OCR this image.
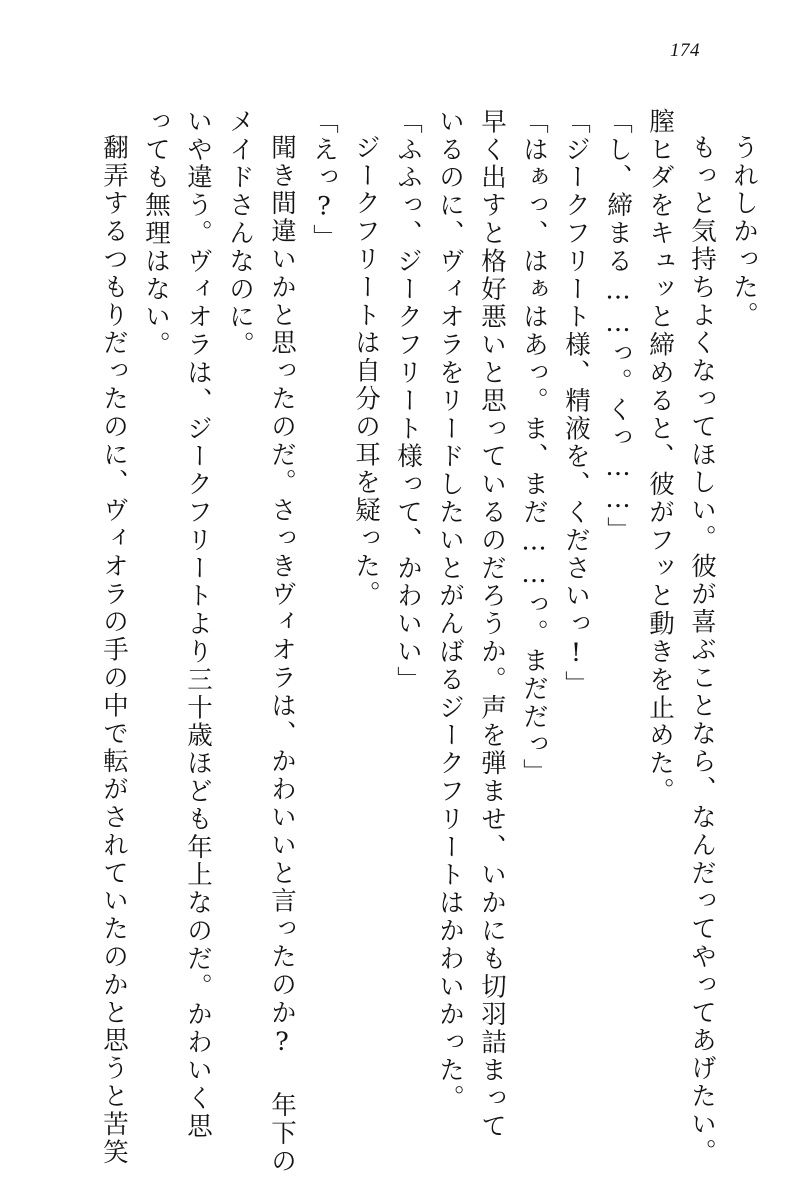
174
うれしかった。
もっと気持ちよくなってほしい。彼が喜ぶことなら、なんだってやってあげたい。
膣ヒダをキュッと締めると、彼がフッと動きを止めた。
「し、締まる……っ。くっ……」
「ジークフリート様、精液を、くださいっ!」
「はぁっ、はぁはあっ。ま、まだ……っ。まだだっ」
早く出すと格好悪いと思っているのだろうか。声を弾ませ、いかにも切羽詰まって
いるのに、ヴィオラをリードしたいとがんばるジークフリートはかわいかった。
「ふふっ、ジークフリート様って、かわいい」
ジークフリートは自分の耳を疑った。
「えっ?」
聞き間違いかと思ったのだ。さっきヴィオラは、かわいいと言ったのか? 年下の
メイドさんなのに。
いや違う。ヴィオラは、ジークフリートより三十歳ほども年上なのだ。かわいく思
っても無理はない。
翻弄するつもりだったのに、ヴィオラの手の中で転がされていたのかと思うと苦笑
